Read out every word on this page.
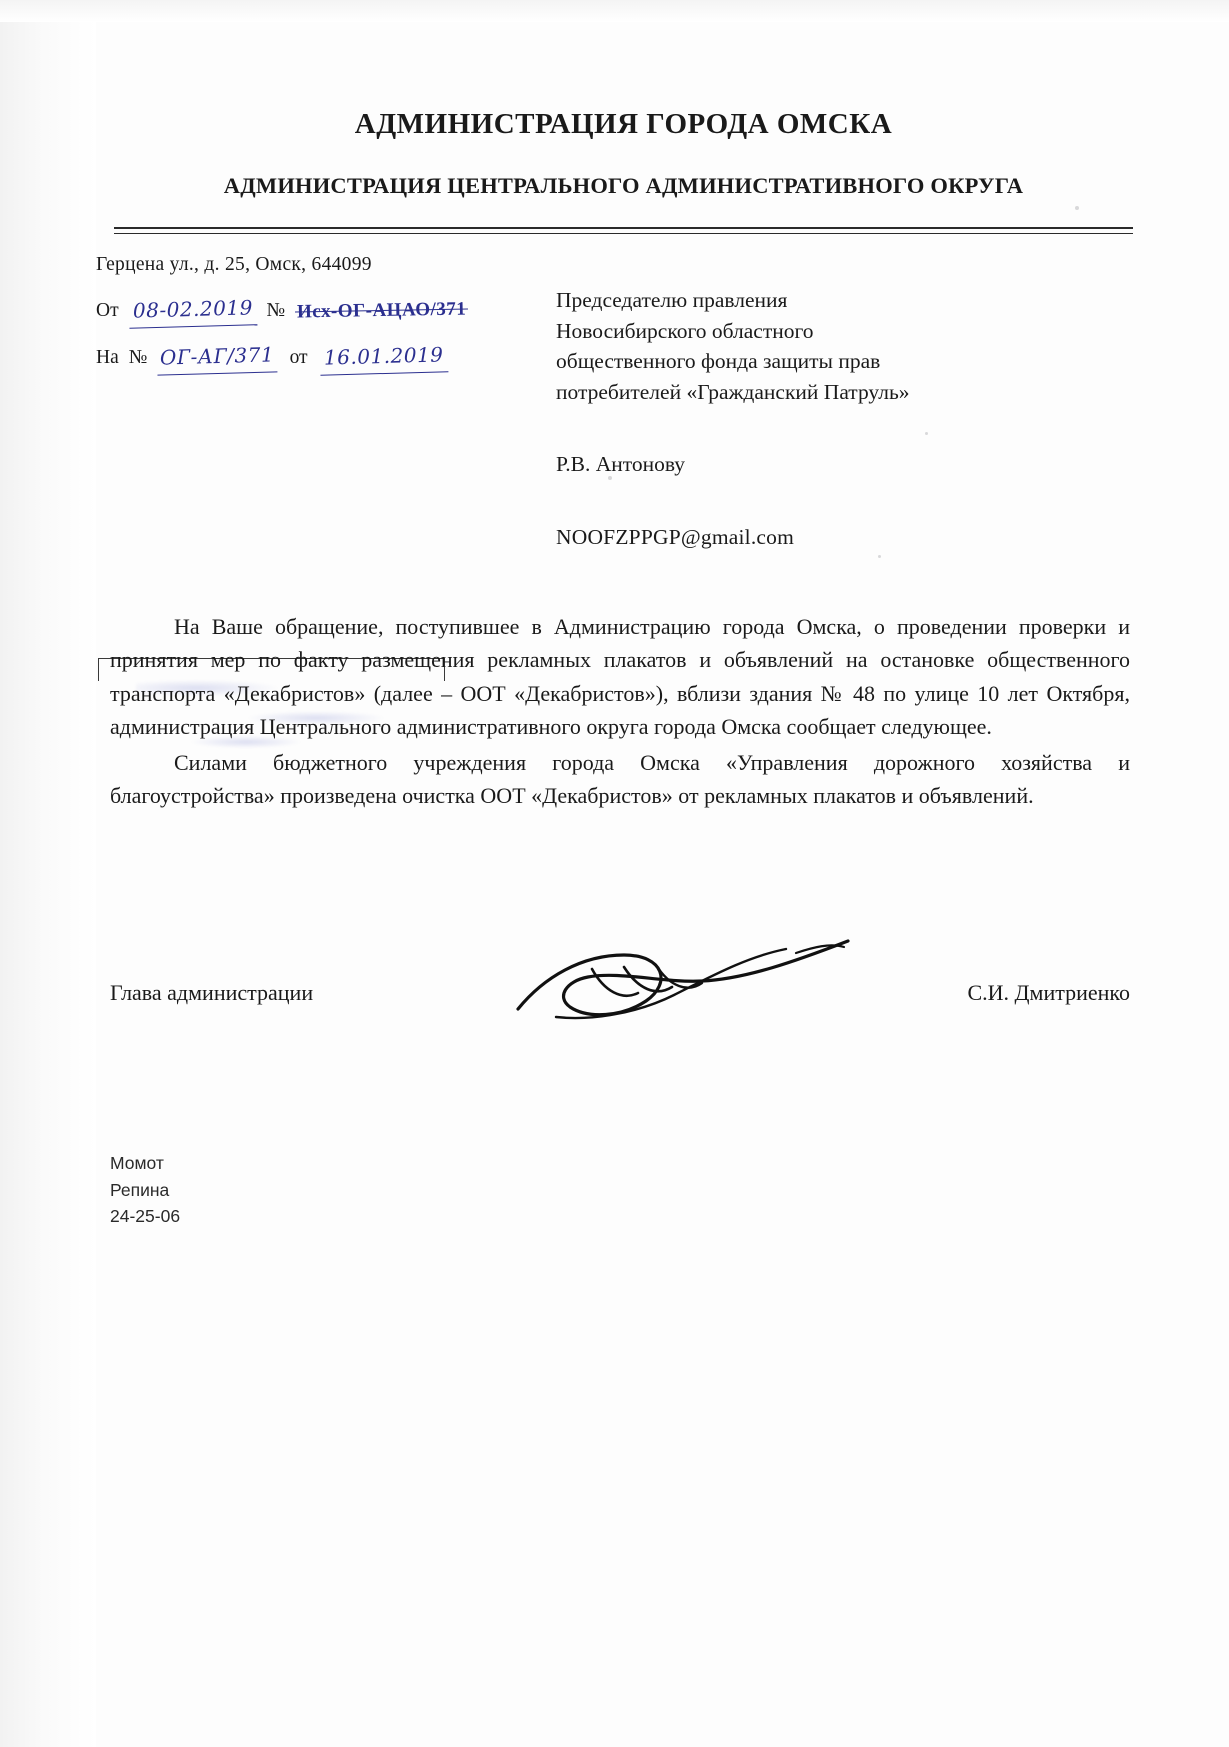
АДМИНИСТРАЦИЯ ГОРОДА ОМСКА
АДМИНИСТРАЦИЯ ЦЕНТРАЛЬНОГО АДМИНИСТРАТИВНОГО ОКРУГА
Герцена ул., д. 25, Омск, 644099
От 08-02.2019 № Исх-ОГ-АЦАО/371
На № ОГ-АГ/371 от 16.01.2019
Председателю правления
Новосибирского областного
общественного фонда защиты прав
потребителей «Гражданский Патруль»
Р.В. Антонову
NOOFZPPGP@gmail.com

На Ваше обращение, поступившее в Администрацию города Омска, о проведении проверки и принятия мер по факту размещения рекламных плакатов и объявлений на остановке общественного транспорта «Декабристов» (далее – ООТ «Декабристов»), вблизи здания № 48 по улице 10 лет Октября, администрация Центрального административного округа города Омска сообщает следующее.

Силами бюджетного учреждения города Омска «Управления дорожного хозяйства и благоустройства» произведена очистка ООТ «Декабристов» от рекламных плакатов и объявлений.

Глава администрации	С.И. Дмитриенко
Момот
Репина
24-25-06
